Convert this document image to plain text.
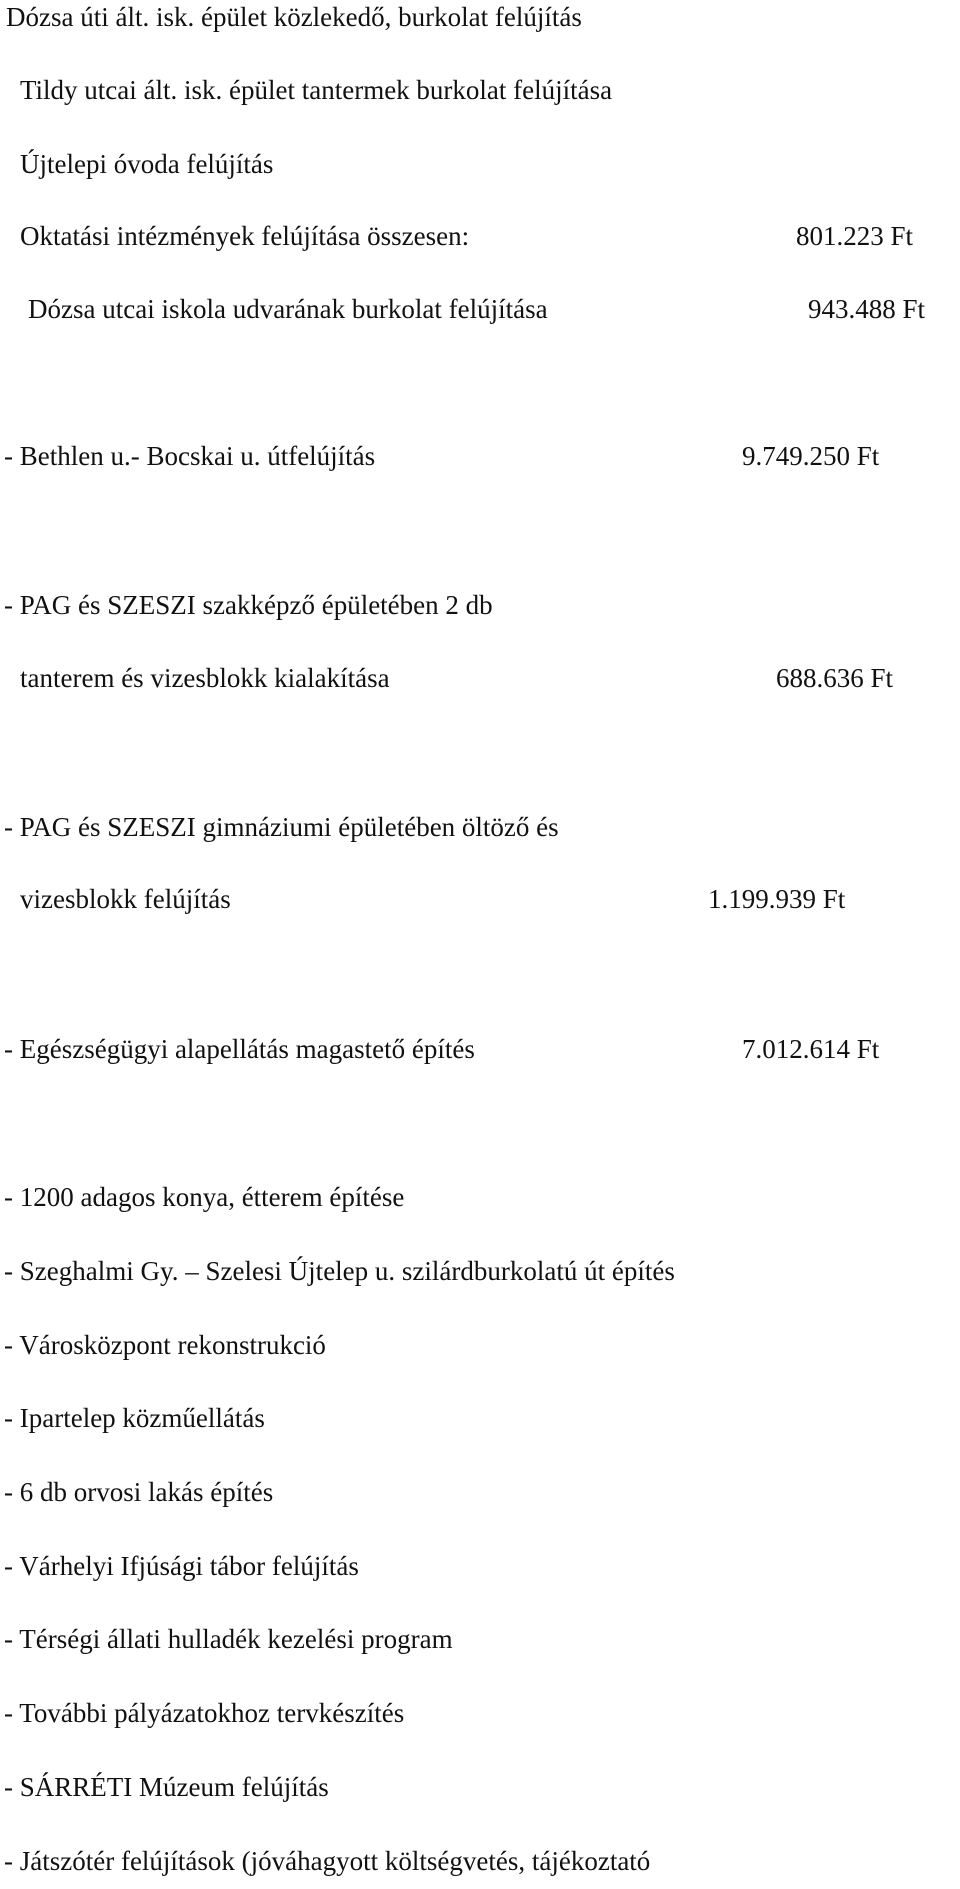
Dózsa úti ált. isk. épület közlekedő, burkolat felújítás
Tildy utcai ált. isk. épület tantermek burkolat felújítása
Újtelepi óvoda felújítás
Oktatási intézmények felújítása összesen:	801.223 Ft
Dózsa utcai iskola udvarának burkolat felújítása	943.488 Ft
- Bethlen u.- Bocskai u. útfelújítás	9.749.250 Ft
- PAG és SZESZI szakképző épületében 2 db
tanterem és vizesblokk kialakítása	688.636 Ft
- PAG és SZESZI gimnáziumi épületében öltöző és
vizesblokk felújítás	1.199.939 Ft
- Egészségügyi alapellátás magastető építés	7.012.614 Ft
- 1200 adagos konya, étterem építése
- Szeghalmi Gy. – Szelesi Újtelep u. szilárdburkolatú út építés
- Városközpont rekonstrukció
- Ipartelep közműellátás
- 6 db orvosi lakás építés
- Várhelyi Ifjúsági tábor felújítás
- Térségi állati hulladék kezelési program
- További pályázatokhoz tervkészítés
- SÁRRÉTI Múzeum felújítás
- Játszótér felújítások (jóváhagyott költségvetés, tájékoztató
